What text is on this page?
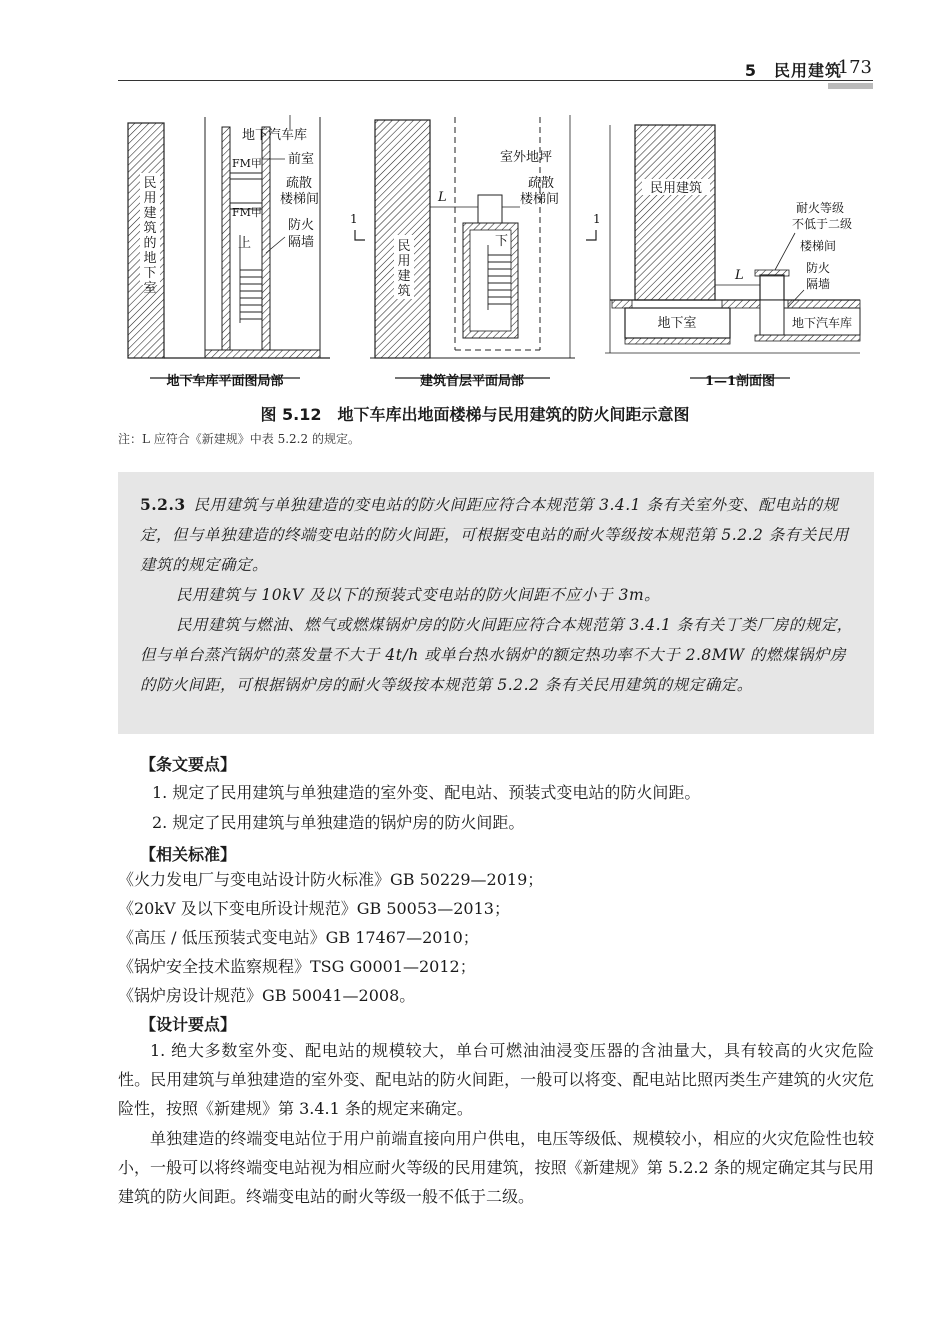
5　民用建筑
173
民用建筑的地下室
地下汽车库
FM甲
FM甲
上
前室
疏散
楼梯间
防火
隔墙
地下车库平面图局部
民用建筑
L
下
室外地坪
疏散
楼梯间
1	1
建筑首层平面局部
民用建筑
地下室	地下汽车库
L
耐火等级
不低于二级
楼梯间
防火
隔墙
1—1剖面图
图 5.12　地下车库出地面楼梯与民用建筑的防火间距示意图
注：L 应符合《新建规》中表 5.2.2 的规定。

5.2.3 民用建筑与单独建造的变电站的防火间距应符合本规范第 3.4.1 条有关室外变、配电站的规定，但与单独建造的终端变电站的防火间距，可根据变电站的耐火等级按本规范第 5.2.2 条有关民用建筑的规定确定。

民用建筑与 10kV 及以下的预装式变电站的防火间距不应小于 3m。

民用建筑与燃油、燃气或燃煤锅炉房的防火间距应符合本规范第 3.4.1 条有关丁类厂房的规定，但与单台蒸汽锅炉的蒸发量不大于 4t/h 或单台热水锅炉的额定热功率不大于 2.8MW 的燃煤锅炉房的防火间距，可根据锅炉房的耐火等级按本规范第 5.2.2 条有关民用建筑的规定确定。

【条文要点】

1. 规定了民用建筑与单独建造的室外变、配电站、预装式变电站的防火间距。

2. 规定了民用建筑与单独建造的锅炉房的防火间距。

【相关标准】

《火力发电厂与变电站设计防火标准》GB 50229—2019；

《20kV 及以下变电所设计规范》GB 50053—2013；

《高压 / 低压预装式变电站》GB 17467—2010；

《锅炉安全技术监察规程》TSG G0001—2012；

《锅炉房设计规范》GB 50041—2008。

【设计要点】

1. 绝大多数室外变、配电站的规模较大，单台可燃油油浸变压器的含油量大，具有较高的火灾危险性。民用建筑与单独建造的室外变、配电站的防火间距，一般可以将变、配电站比照丙类生产建筑的火灾危险性，按照《新建规》第 3.4.1 条的规定来确定。

单独建造的终端变电站位于用户前端直接向用户供电，电压等级低、规模较小，相应的火灾危险性也较小，一般可以将终端变电站视为相应耐火等级的民用建筑，按照《新建规》第 5.2.2 条的规定确定其与民用建筑的防火间距。终端变电站的耐火等级一般不低于二级。
